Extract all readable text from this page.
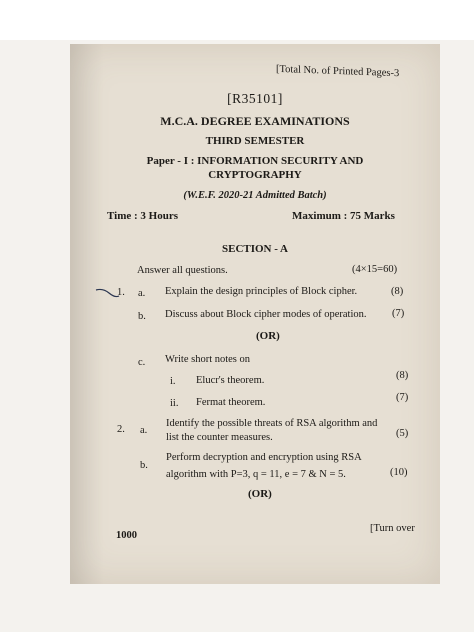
[Total No. of Printed Pages-3
[R35101]
M.C.A. DEGREE EXAMINATIONS
THIRD SEMESTER
Paper - I : INFORMATION SECURITY AND
CRYPTOGRAPHY
(W.E.F. 2020-21 Admitted Batch)
Time : 3 Hours	Maximum : 75 Marks
SECTION - A
Answer all questions.	(4×15=60)
1. a. Explain the design principles of Block cipher.	(8)
b. Discuss about Block cipher modes of operation. (7)
(OR)
c. Write short notes on
i. Elucr's theorem.	(8)
ii. Fermat theorem.	(7)
2. a.
Identify the possible threats of RSA algorithm and
list the counter measures.	(5)
b.
Perform decryption and encryption using RSA
algorithm with P=3, q = 11, e = 7 & N = 5.	(10)
(OR)
1000
[Turn over
